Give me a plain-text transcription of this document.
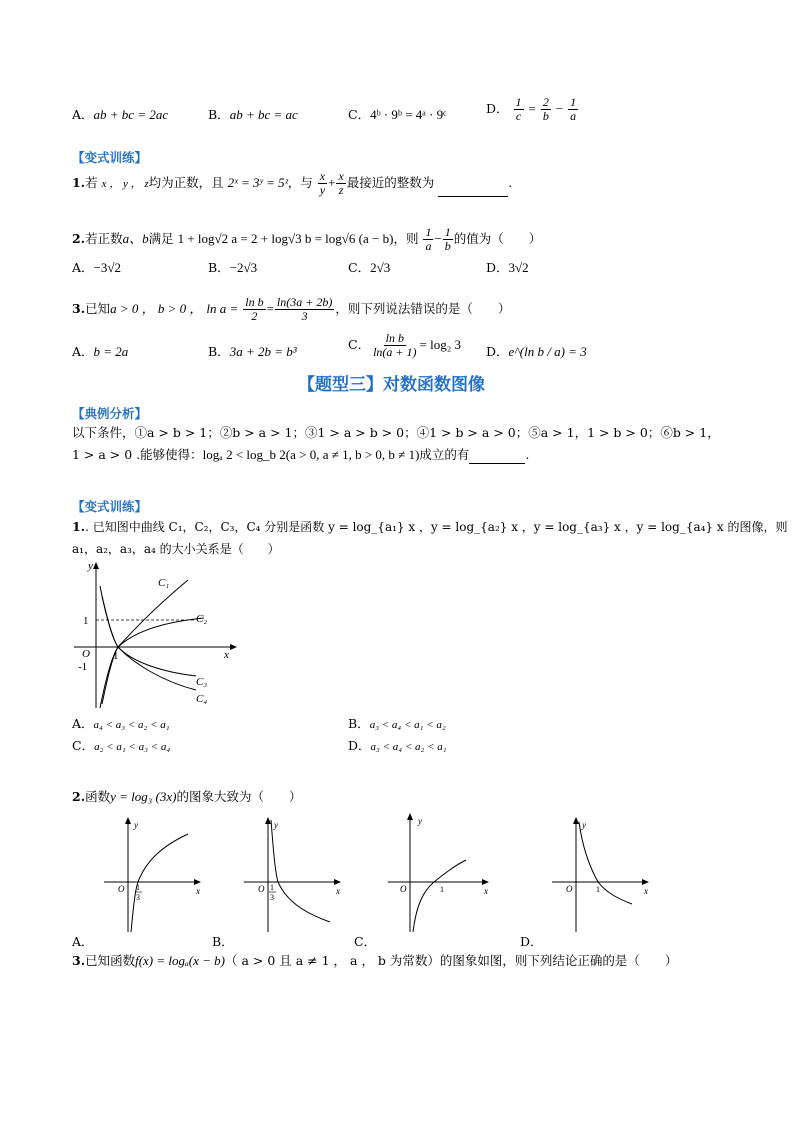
A．ab + bc = 2ac	B．ab + bc = ac	C．4ᵇ · 9ᵇ = 4ᵃ · 9ᶜ	D． $\frac{1}{c} = \frac{2}{b} - \frac{1}{a}$
【变式训练】
1.若 x ， y ， z均为正数，且 2ˣ = 3ʸ = 5ᶻ，与 $\frac{x}{y} + \frac{x}{z}$ 最接近的整数为	.
2.若正数a、b满足 1 + log√2 a = 2 + log√3 b = log√6 (a − b)，则 $\frac{1}{a} - \frac{1}{b}$ 的值为（　　）
A．−3√2	B．−2√3	C．2√3	D．3√2
3.已知a > 0 ， b > 0 ， $\ln a = \frac{\text{ln b}}{2} = \frac{\ln(3a + 2b)}{3}$ ，则下列说法错误的是（　　）
A．b = 2a	B．3a + 2b = b³	C． $\frac{\text{ln b}}{\ln(a + 1)} = \log_2$ 3 D．e^(ln b / a) = 3
【题型三】对数函数图像
【典例分析】
以下条件，①a > b > 1；②b > a > 1；③1 > a > b > 0；④1 > b > a > 0；⑤a > 1，1 > b > 0；⑥b > 1，
1 > a > 0 .能够使得：logₐ 2 < log_b 2(a > 0, a ≠ 1, b > 0, b ≠ 1)成立的有	.
【变式训练】
1.. 已知图中曲线 C₁，C₂，C₃，C₄ 分别是函数 y = log_{a₁} x ，y = log_{a₂} x ，y = log_{a₃} x ，y = log_{a₄} x 的图像，则
a₁，a₂，a₃，a₄ 的大小关系是（　　）
y
x
O
1
-1
1
C₁
C₂
C₃
C₄
A．a₄ < a₃ < a₂ < a₁	B．a₃ < a₄ < a₁ < a₂
C．a₂ < a₁ < a₃ < a₄	D．a₃ < a₄ < a₂ < a₁
2.函数y = log₃ (3x)的图象大致为（　　）
y
x
O 1
3
y
x
O 1
3
y
x
O	1
y
x
O	1
A．	B．	C．	D．
3.已知函数f(x) = logₐ(x − b)（ a > 0 且 a ≠ 1 ， a ， b 为常数）的图象如图，则下列结论正确的是（　　）
